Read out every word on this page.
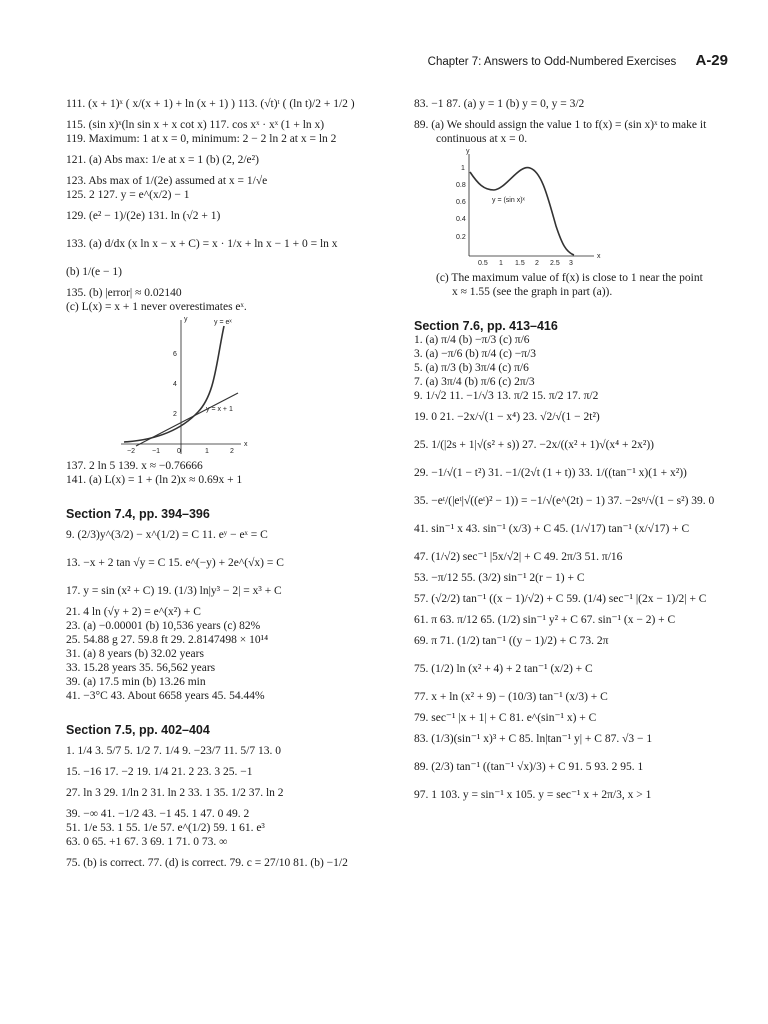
Chapter 7: Answers to Odd-Numbered Exercises A-29

111. (x + 1)ˣ ( x/(x + 1) + ln (x + 1) ) 113. (√t)ᵗ ( (ln t)/2 + 1/2 )

115. (sin x)ˣ(ln sin x + x cot x) 117. cos xˣ · xˣ (1 + ln x)

119. Maximum: 1 at x = 0, minimum: 2 − 2 ln 2 at x = ln 2

121. (a) Abs max: 1/e at x = 1 (b) (2, 2/e²)

123. Abs max of 1/(2e) assumed at x = 1/√e

125. 2 127. y = e^(x/2) − 1

129. (e² − 1)/(2e) 131. ln (√2 + 1)

133. (a) d/dx (x ln x − x + C) = x · 1/x + ln x − 1 + 0 = ln x

(b) 1/(e − 1)

135. (b) |error| ≈ 0.02140

(c) L(x) = x + 1 never overestimates eˣ.

y
x
−2 −1 0	1	2
2
4
6
y = eˣ
y = x + 1

137. 2 ln 5 139. x ≈ −0.76666

141. (a) L(x) = 1 + (ln 2)x ≈ 0.69x + 1

Section 7.4, pp. 394–396

9. (2/3)y^(3/2) − x^(1/2) = C 11. eʸ − eˣ = C

13. −x + 2 tan √y = C 15. e^(−y) + 2e^(√x) = C

17. y = sin (x² + C) 19. (1/3) ln|y³ − 2| = x³ + C

21. 4 ln (√y + 2) = e^(x²) + C

23. (a) −0.00001 (b) 10,536 years (c) 82%

25. 54.88 g 27. 59.8 ft 29. 2.8147498 × 10¹⁴

31. (a) 8 years (b) 32.02 years

33. 15.28 years 35. 56,562 years

39. (a) 17.5 min (b) 13.26 min

41. −3°C 43. About 6658 years 45. 54.44%

Section 7.5, pp. 402–404

1. 1/4 3. 5/7 5. 1/2 7. 1/4 9. −23/7 11. 5/7 13. 0

15. −16 17. −2 19. 1/4 21. 2 23. 3 25. −1

27. ln 3 29. 1/ln 2 31. ln 2 33. 1 35. 1/2 37. ln 2

39. −∞ 41. −1/2 43. −1 45. 1 47. 0 49. 2

51. 1/e 53. 1 55. 1/e 57. e^(1/2) 59. 1 61. e³

63. 0 65. +1 67. 3 69. 1 71. 0 73. ∞

75. (b) is correct. 77. (d) is correct. 79. c = 27/10 81. (b) −1/2

83. −1 87. (a) y = 1 (b) y = 0, y = 3/2

89. (a) We should assign the value 1 to f(x) = (sin x)ˣ to make it

continuous at x = 0.

y
x
0.5 1 1.5 2 2.5 3
0.2
0.4
0.6
0.8
1
y = (sin x)ˣ

(c) The maximum value of f(x) is close to 1 near the point

x ≈ 1.55 (see the graph in part (a)).

Section 7.6, pp. 413–416

1. (a) π/4 (b) −π/3 (c) π/6

3. (a) −π/6 (b) π/4 (c) −π/3

5. (a) π/3 (b) 3π/4 (c) π/6

7. (a) 3π/4 (b) π/6 (c) 2π/3

9. 1/√2 11. −1/√3 13. π/2 15. π/2 17. π/2

19. 0 21. −2x/√(1 − x⁴) 23. √2/√(1 − 2t²)

25. 1/(|2s + 1|√(s² + s)) 27. −2x/((x² + 1)√(x⁴ + 2x²))

29. −1/√(1 − t²) 31. −1/(2√t (1 + t)) 33. 1/((tan⁻¹ x)(1 + x²))

35. −eᵗ/(|eᵗ|√((eᵗ)² − 1)) = −1/√(e^(2t) − 1) 37. −2sⁿ/√(1 − s²) 39. 0

41. sin⁻¹ x 43. sin⁻¹ (x/3) + C 45. (1/√17) tan⁻¹ (x/√17) + C

47. (1/√2) sec⁻¹ |5x/√2| + C 49. 2π/3 51. π/16

53. −π/12 55. (3/2) sin⁻¹ 2(r − 1) + C

57. (√2/2) tan⁻¹ ((x − 1)/√2) + C 59. (1/4) sec⁻¹ |(2x − 1)/2| + C

61. π 63. π/12 65. (1/2) sin⁻¹ y² + C 67. sin⁻¹ (x − 2) + C

69. π 71. (1/2) tan⁻¹ ((y − 1)/2) + C 73. 2π

75. (1/2) ln (x² + 4) + 2 tan⁻¹ (x/2) + C

77. x + ln (x² + 9) − (10/3) tan⁻¹ (x/3) + C

79. sec⁻¹ |x + 1| + C 81. e^(sin⁻¹ x) + C

83. (1/3)(sin⁻¹ x)³ + C 85. ln|tan⁻¹ y| + C 87. √3 − 1

89. (2/3) tan⁻¹ ((tan⁻¹ √x)/3) + C 91. 5 93. 2 95. 1

97. 1 103. y = sin⁻¹ x 105. y = sec⁻¹ x + 2π/3, x > 1
